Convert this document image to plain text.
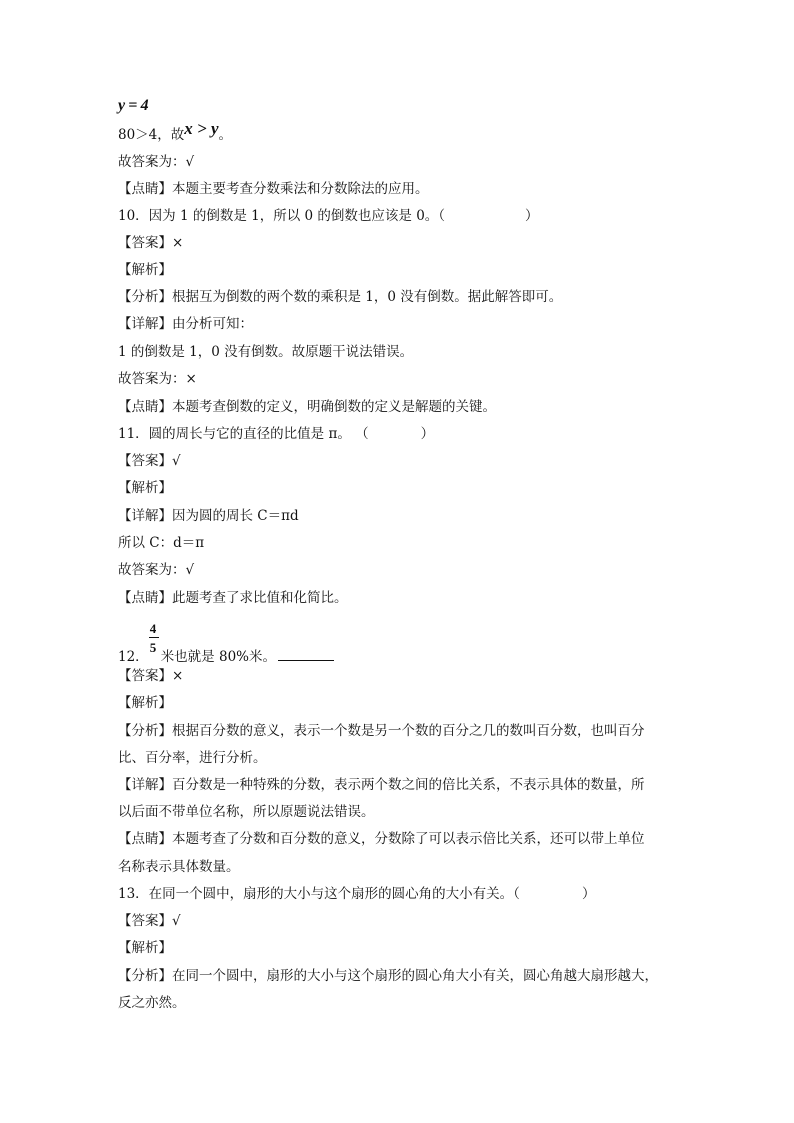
y = 4
80＞4，故x > y。
故答案为：√
【点睛】本题主要考查分数乘法和分数除法的应用。
10．因为 1 的倒数是 1，所以 0 的倒数也应该是 0。（	）
【答案】×
【解析】
【分析】根据互为倒数的两个数的乘积是 1，0 没有倒数。据此解答即可。
【详解】由分析可知：
1 的倒数是 1，0 没有倒数。故原题干说法错误。
故答案为：×
【点睛】本题考查倒数的定义，明确倒数的定义是解题的关键。
11．圆的周长与它的直径的比值是 π。 （	）
【答案】√
【解析】
【详解】因为圆的周长 C＝πd
所以 C：d＝π
故答案为：√
【点睛】此题考查了求比值和化简比。
12． $\frac{4}{5}$ 米也就是 80%米。
【答案】×
【解析】
【分析】根据百分数的意义，表示一个数是另一个数的百分之几的数叫百分数，也叫百分
比、百分率，进行分析。
【详解】百分数是一种特殊的分数，表示两个数之间的倍比关系，不表示具体的数量，所
以后面不带单位名称，所以原题说法错误。
【点睛】本题考查了分数和百分数的意义，分数除了可以表示倍比关系，还可以带上单位
名称表示具体数量。
13．在同一个圆中，扇形的大小与这个扇形的圆心角的大小有关。（	）
【答案】√
【解析】
【分析】在同一个圆中，扇形的大小与这个扇形的圆心角大小有关，圆心角越大扇形越大，
反之亦然。
